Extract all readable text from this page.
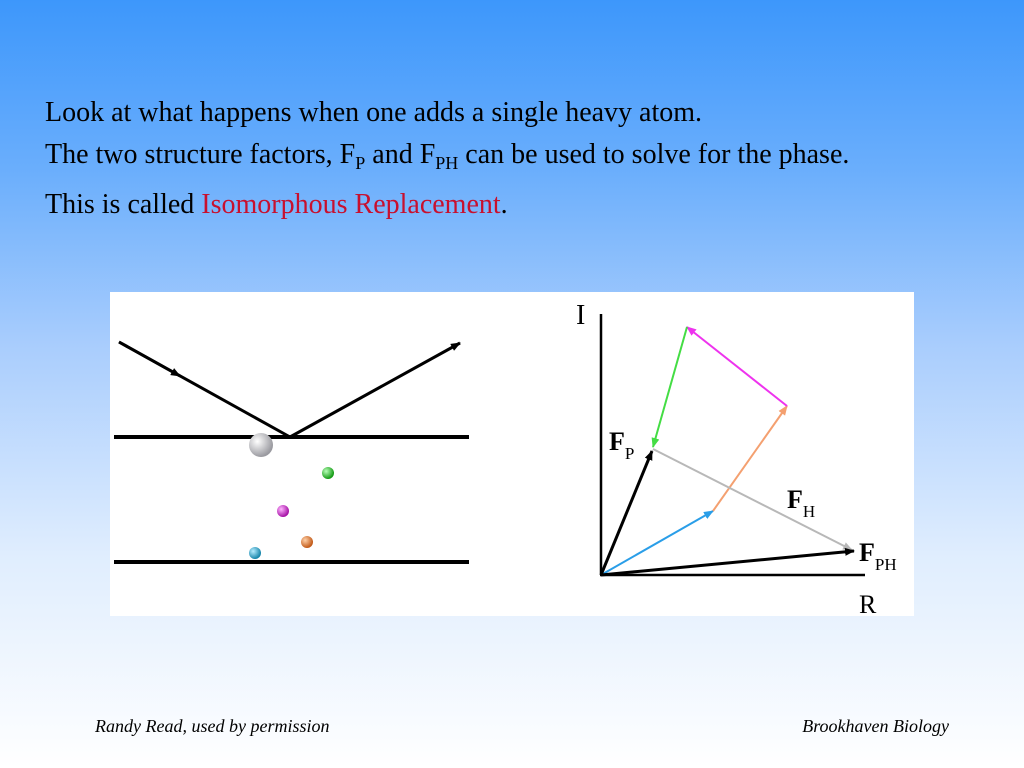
Look at what happens when one adds a single heavy atom.
The two structure factors, $F_P$ and $F_{PH}$ can be used to solve for the phase.
This is called Isomorphous Replacement.
I
R
$F_P$
$F_H$
$F_{PH}$
Randy Read, used by permission	Brookhaven Biology
